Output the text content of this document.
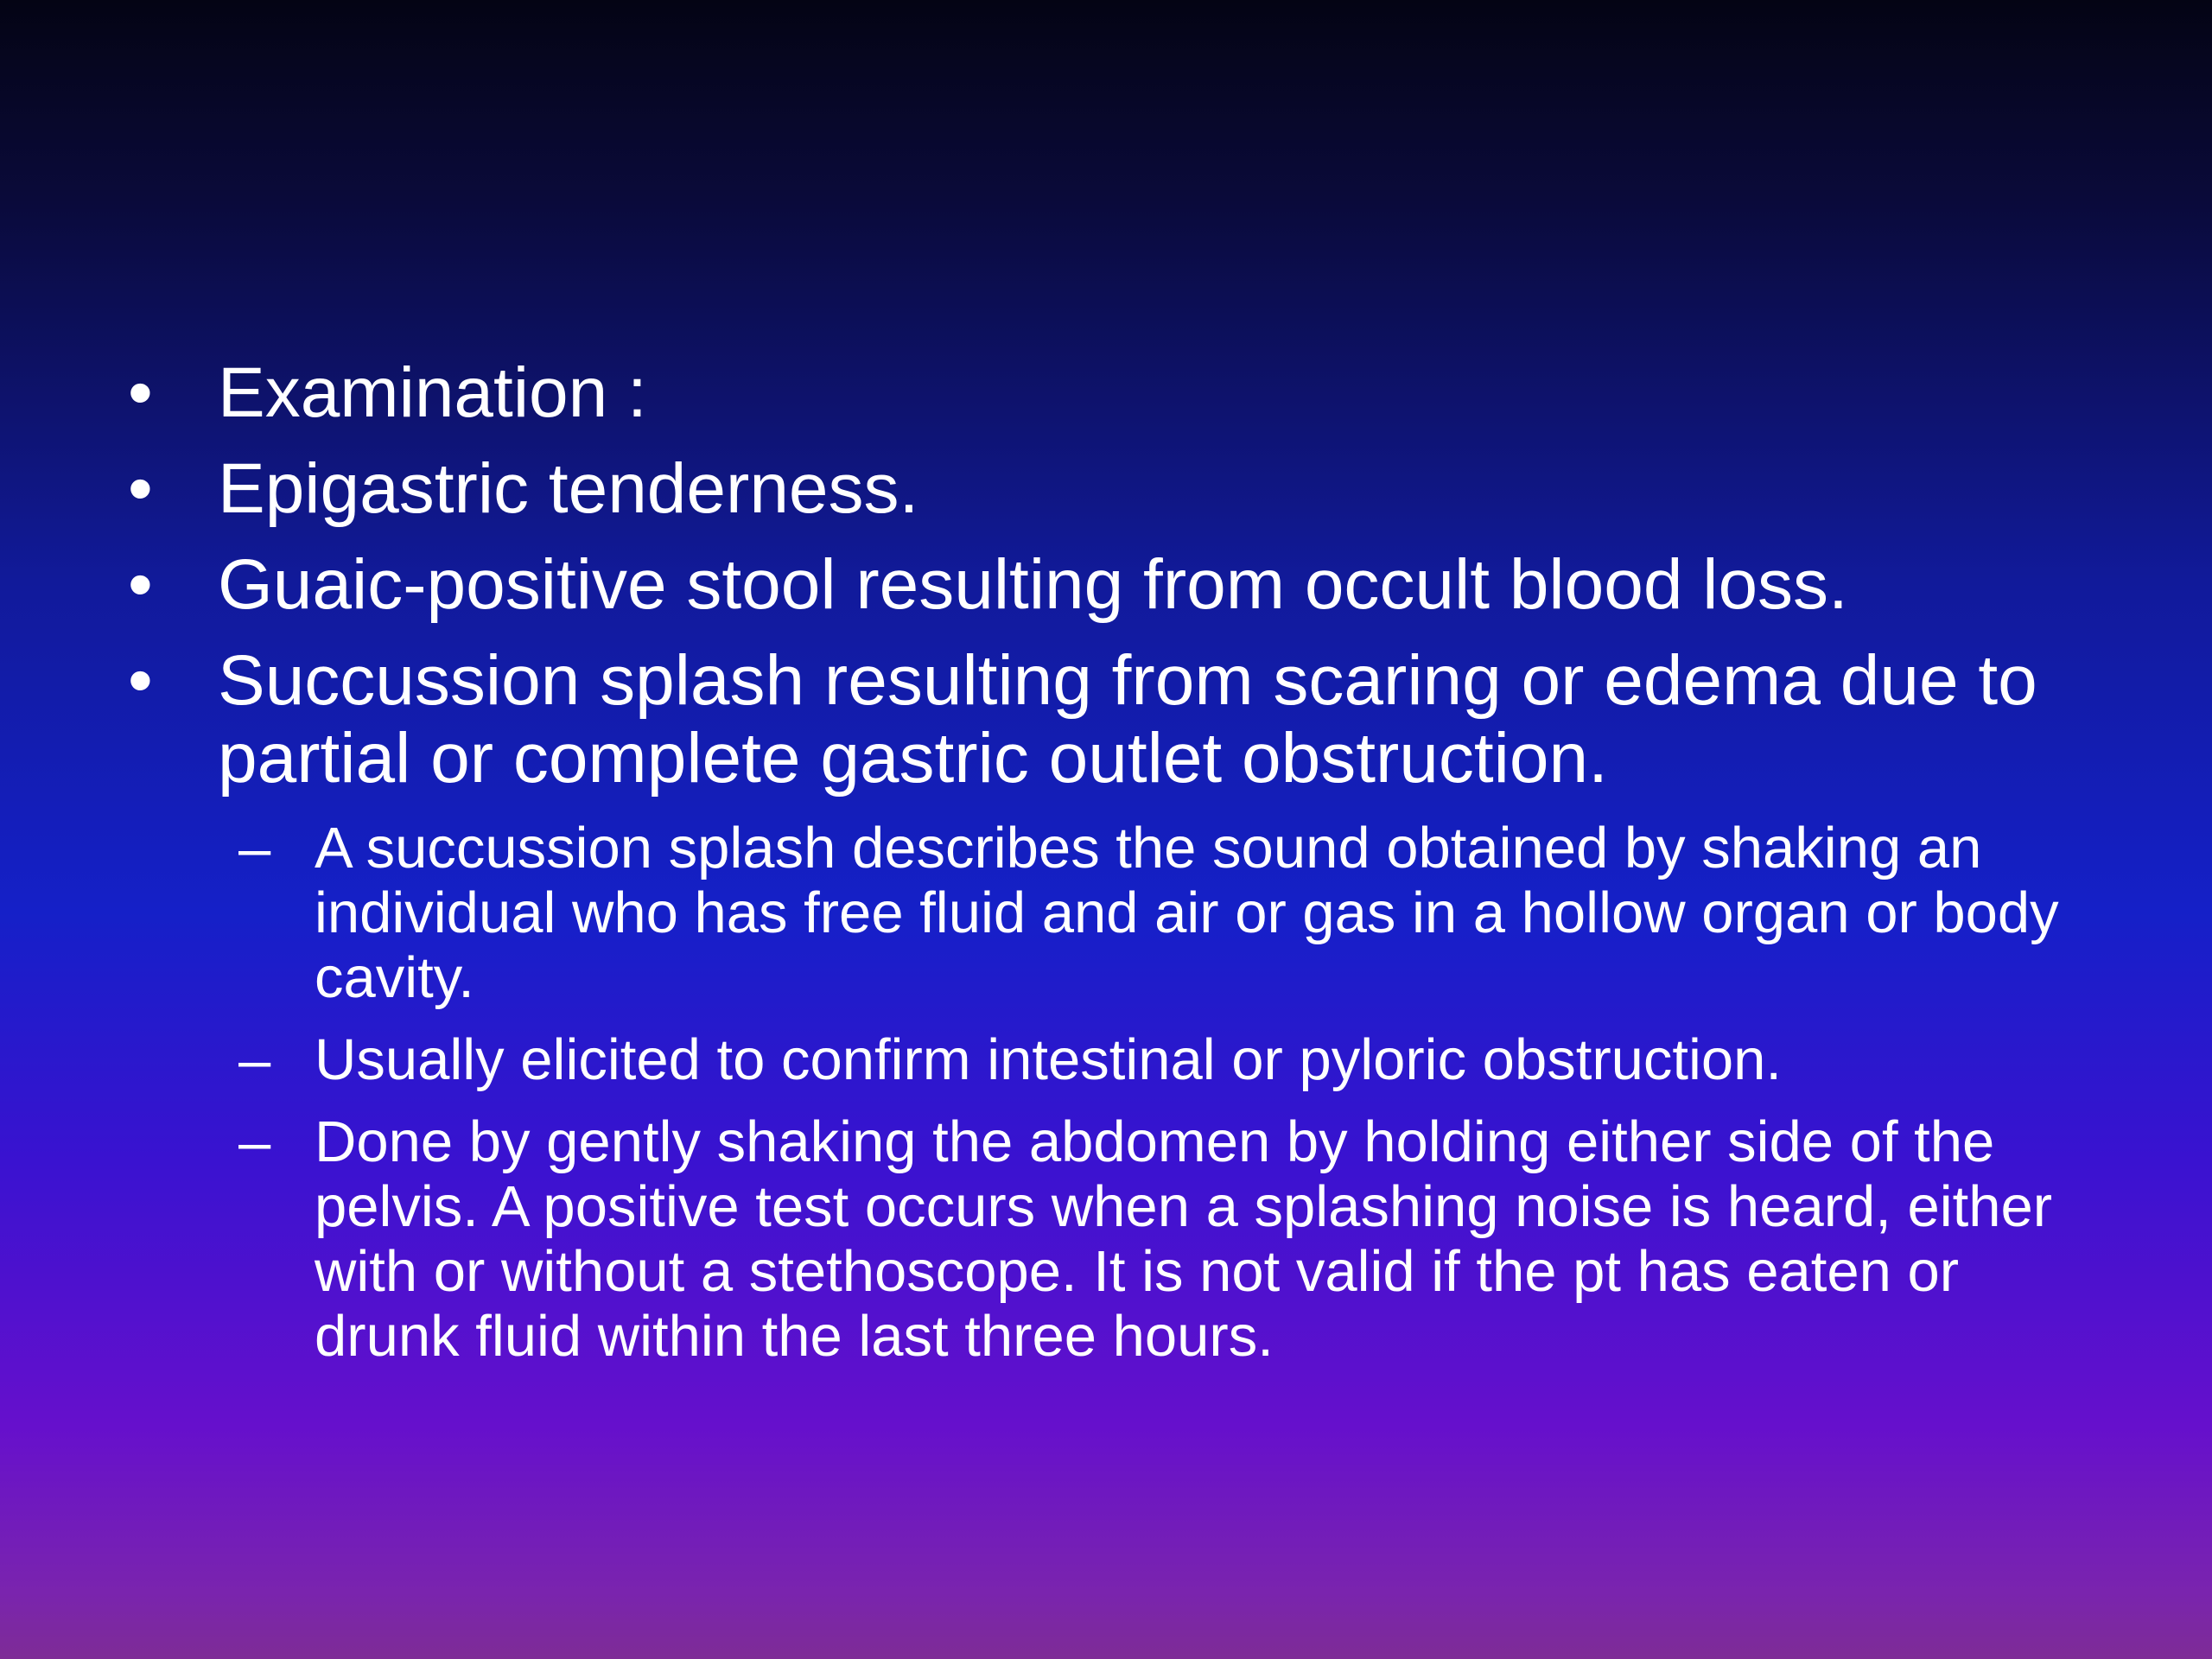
• Examination :
• Epigastric tenderness.
• Guaic-positive stool resulting from occult blood loss.
• Succussion splash resulting from scaring or edema due to partial or complete gastric outlet obstruction.
– A succussion splash describes the sound obtained by shaking an individual who has free fluid and air or gas in a hollow organ or body cavity.
– Usually elicited to confirm intestinal or pyloric obstruction.
– Done by gently shaking the abdomen by holding either side of the pelvis. A positive test occurs when a splashing noise is heard, either with or without a stethoscope. It is not valid if the pt has eaten or drunk fluid within the last three hours.
